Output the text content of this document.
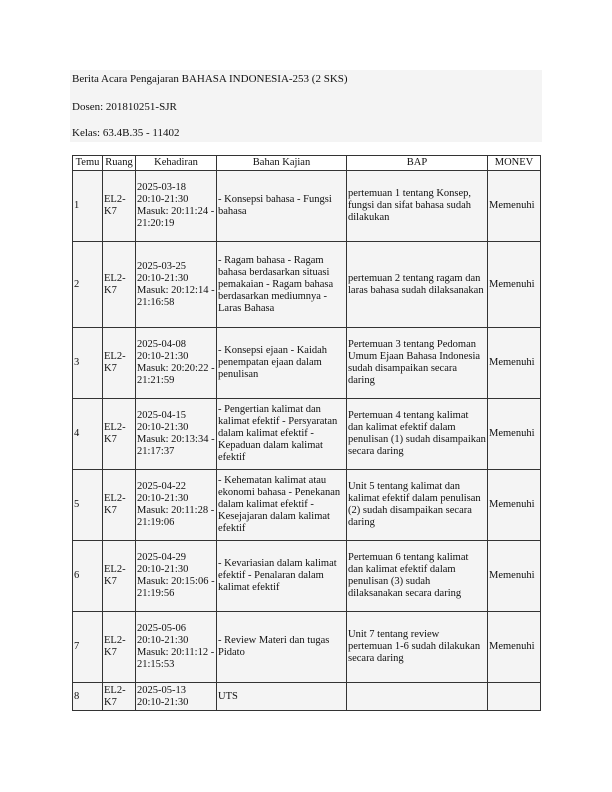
Berita Acara Pengajaran BAHASA INDONESIA-253 (2 SKS)
Dosen: 201810251-SJR
Kelas: 63.4B.35 - 11402
Temu	Ruang	Kehadiran	Bahan Kajian	BAP	MONEV
1	EL2-K7	2025-03-18 20:10-21:30 Masuk: 20:11:24 - 21:20:19	- Konsepsi bahasa - Fungsi bahasa	pertemuan 1 tentang Konsep, fungsi dan sifat bahasa sudah dilakukan	Memenuhi
2	EL2-K7	2025-03-25 20:10-21:30 Masuk: 20:12:14 - 21:16:58	- Ragam bahasa - Ragam bahasa berdasarkan situasi pemakaian - Ragam bahasa berdasarkan mediumnya - Laras Bahasa	pertemuan 2 tentang ragam dan laras bahasa sudah dilaksanakan	Memenuhi
3	EL2-K7	2025-04-08 20:10-21:30 Masuk: 20:20:22 - 21:21:59	- Konsepsi ejaan - Kaidah penempatan ejaan dalam penulisan	Pertemuan 3 tentang Pedoman Umum Ejaan Bahasa Indonesia sudah disampaikan secara daring	Memenuhi
4	EL2-K7	2025-04-15 20:10-21:30 Masuk: 20:13:34 - 21:17:37	- Pengertian kalimat dan kalimat efektif - Persyaratan dalam kalimat efektif - Kepaduan dalam kalimat efektif	Pertemuan 4 tentang kalimat dan kalimat efektif dalam penulisan (1) sudah disampaikan secara daring	Memenuhi
5	EL2-K7	2025-04-22 20:10-21:30 Masuk: 20:11:28 - 21:19:06	- Kehematan kalimat atau ekonomi bahasa - Penekanan dalam kalimat efektif - Kesejajaran dalam kalimat efektif	Unit 5 tentang kalimat dan kalimat efektif dalam penulisan (2) sudah disampaikan secara daring	Memenuhi
6	EL2-K7	2025-04-29 20:10-21:30 Masuk: 20:15:06 - 21:19:56	- Kevariasian dalam kalimat efektif - Penalaran dalam kalimat efektif	Pertemuan 6 tentang kalimat dan kalimat efektif dalam penulisan (3) sudah dilaksanakan secara daring	Memenuhi
7	EL2-K7	2025-05-06 20:10-21:30 Masuk: 20:11:12 - 21:15:53	- Review Materi dan tugas Pidato	Unit 7 tentang review pertemuan 1-6 sudah dilakukan secara daring	Memenuhi
8	EL2-K7	2025-05-13 20:10-21:30	UTS		
